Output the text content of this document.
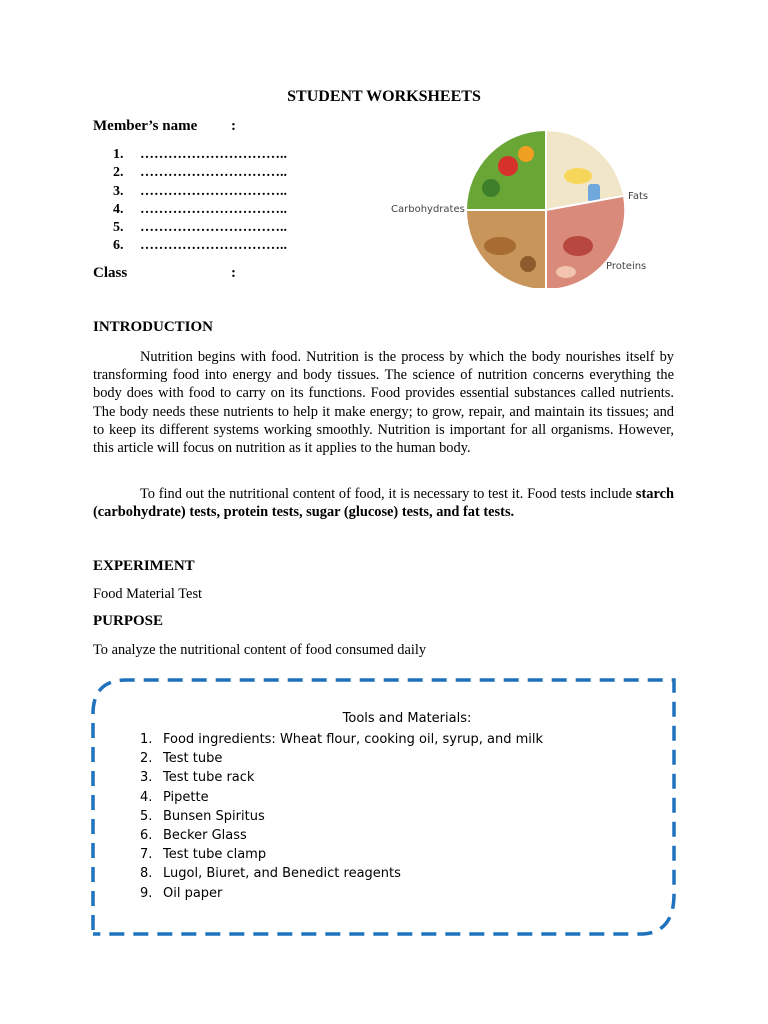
STUDENT WORKSHEETS
Member’s name :
1. …………………………..
2. …………………………..
3. …………………………..
4. …………………………..
5. …………………………..
6. …………………………..
Class	:
Carbohydrates
Fats
Proteins
INTRODUCTION

Nutrition begins with food. Nutrition is the process by which the body nourishes itself by transforming food into energy and body tissues. The science of nutrition concerns everything the body does with food to carry on its functions. Food provides essential substances called nutrients. The body needs these nutrients to help it make energy; to grow, repair, and maintain its tissues; and to keep its different systems working smoothly. Nutrition is important for all organisms. However, this article will focus on nutrition as it applies to the human body.

To find out the nutritional content of food, it is necessary to test it. Food tests include starch (carbohydrate) tests, protein tests, sugar (glucose) tests, and fat tests.

EXPERIMENT
Food Material Test
PURPOSE
To analyze the nutritional content of food consumed daily
Tools and Materials:
1. Food ingredients: Wheat flour, cooking oil, syrup, and milk
2. Test tube
3. Test tube rack
4. Pipette
5. Bunsen Spiritus
6. Becker Glass
7. Test tube clamp
8. Lugol, Biuret, and Benedict reagents
9. Oil paper
